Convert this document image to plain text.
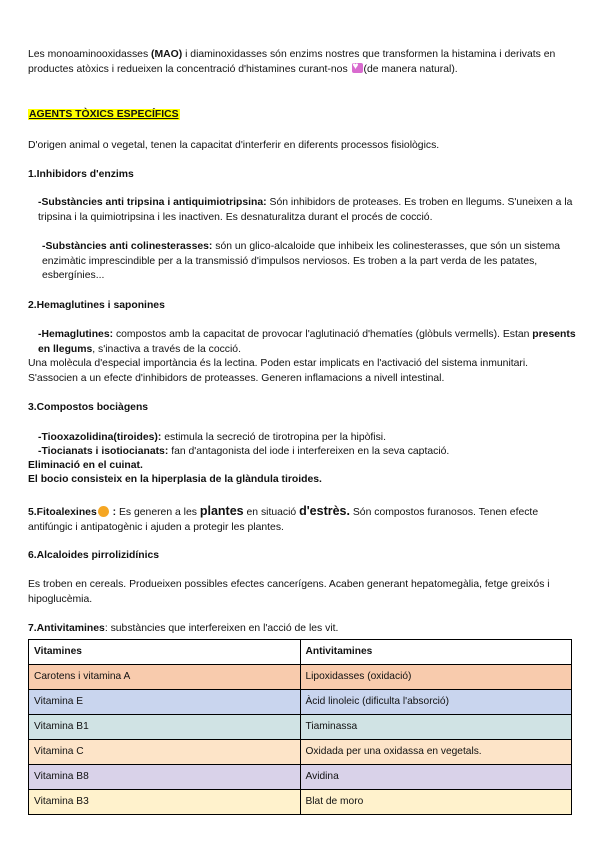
Les monoaminooxidasses (MAO) i diaminoxidasses són enzims nostres que transformen la histamina i derivats en productes atòxics i redueixen la concentració d'histamines curant-nos ♥(de manera natural).

AGENTS TÒXICS ESPECÍFICS
D'origen animal o vegetal, tenen la capacitat d'interferir en diferents processos fisiològics.
1.Inhibidors d'enzims

-Substàncies anti tripsina i antiquimiotripsina: Són inhibidors de proteases. Es troben en llegums. S'uneixen a la tripsina i la quimiotripsina i les inactiven. Es desnaturalitza durant el procés de cocció.

-Substàncies anti colinesterasses: són un glico-alcaloide que inhibeix les colinesterasses, que són un sistema enzimàtic imprescindible per a la transmissió d'impulsos nerviosos. Es troben a la part verda de les patates, esbergínies...

2.Hemaglutines i saponines

-Hemaglutines: compostos amb la capacitat de provocar l'aglutinació d'hematíes (glòbuls vermells). Estan presents en llegums, s'inactiva a través de la cocció.

Una molècula d'especial importància és la lectina. Poden estar implicats en l'activació del sistema inmunitari. S'associen a un efecte d'inhibidors de proteasses. Generen inflamacions a nivell intestinal.
3.Compostos bociàgens

-Tiooxazolidina(tiroides): estimula la secreció de tirotropina per la hipòfisi.

-Tiocianats i isotiocianats: fan d'antagonista del iode i interfereixen en la seva captació.

Eliminació en el cuinat.
El bocio consisteix en la hiperplasia de la glàndula tiroides.

5.Fitoalexines : Es generen a les plantes en situació d'estrès. Són compostos furanosos. Tenen efecte antifúngic i antipatogènic i ajuden a protegir les plantes.

6.Alcaloides pirrolizidínics
Es troben en cereals. Produeixen possibles efectes cancerígens. Acaben generant hepatomegàlia, fetge greixós i hipoglucèmia.

7.Antivitamines: substàncies que interfereixen en l'acció de les vit.

Vitamines	Antivitamines
Carotens i vitamina A	Lipoxidasses (oxidació)
Vitamina E	Àcid linoleic (dificulta l'absorció)
Vitamina B1	Tiaminassa
Vitamina C	Oxidada per una oxidassa en vegetals.
Vitamina B8	Avidina
Vitamina B3	Blat de moro
